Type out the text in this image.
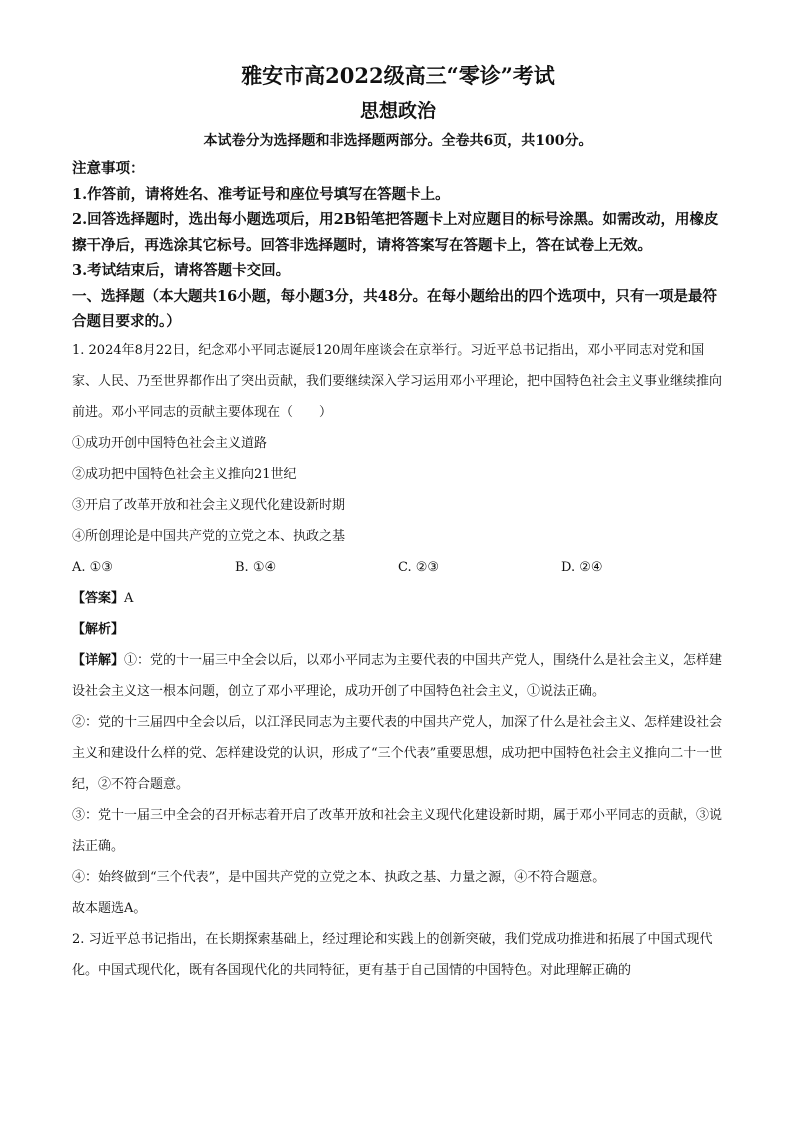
雅安市高2022级高三“零诊”考试
思想政治
本试卷分为选择题和非选择题两部分。全卷共6页，共100分。
注意事项：
1.作答前，请将姓名、准考证号和座位号填写在答题卡上。
2.回答选择题时，选出每小题选项后，用2B铅笔把答题卡上对应题目的标号涂黑。如需改动，用橡皮擦干净后，再选涂其它标号。回答非选择题时，请将答案写在答题卡上，答在试卷上无效。
3.考试结束后，请将答题卡交回。
一、选择题（本大题共16小题，每小题3分，共48分。在每小题给出的四个选项中，只有一项是最符合题目要求的。）
1. 2024年8月22日，纪念邓小平同志诞辰120周年座谈会在京举行。习近平总书记指出，邓小平同志对党和国家、人民、乃至世界都作出了突出贡献，我们要继续深入学习运用邓小平理论，把中国特色社会主义事业继续推向前进。邓小平同志的贡献主要体现在（　　）
①成功开创中国特色社会主义道路
②成功把中国特色社会主义推向21世纪
③开启了改革开放和社会主义现代化建设新时期
④所创理论是中国共产党的立党之本、执政之基
A. ①③	B. ①④	C. ②③	D. ②④
【答案】A
【解析】
【详解】①：党的十一届三中全会以后，以邓小平同志为主要代表的中国共产党人，围绕什么是社会主义，怎样建设社会主义这一根本问题，创立了邓小平理论，成功开创了中国特色社会主义，①说法正确。
②：党的十三届四中全会以后，以江泽民同志为主要代表的中国共产党人，加深了什么是社会主义、怎样建设社会主义和建设什么样的党、怎样建设党的认识，形成了“三个代表”重要思想，成功把中国特色社会主义推向二十一世纪，②不符合题意。
③：党十一届三中全会的召开标志着开启了改革开放和社会主义现代化建设新时期，属于邓小平同志的贡献，③说法正确。
④：始终做到“三个代表”，是中国共产党的立党之本、执政之基、力量之源，④不符合题意。
故本题选A。
2. 习近平总书记指出，在长期探索基础上，经过理论和实践上的创新突破，我们党成功推进和拓展了中国式现代化。中国式现代化，既有各国现代化的共同特征，更有基于自己国情的中国特色。对此理解正确的
